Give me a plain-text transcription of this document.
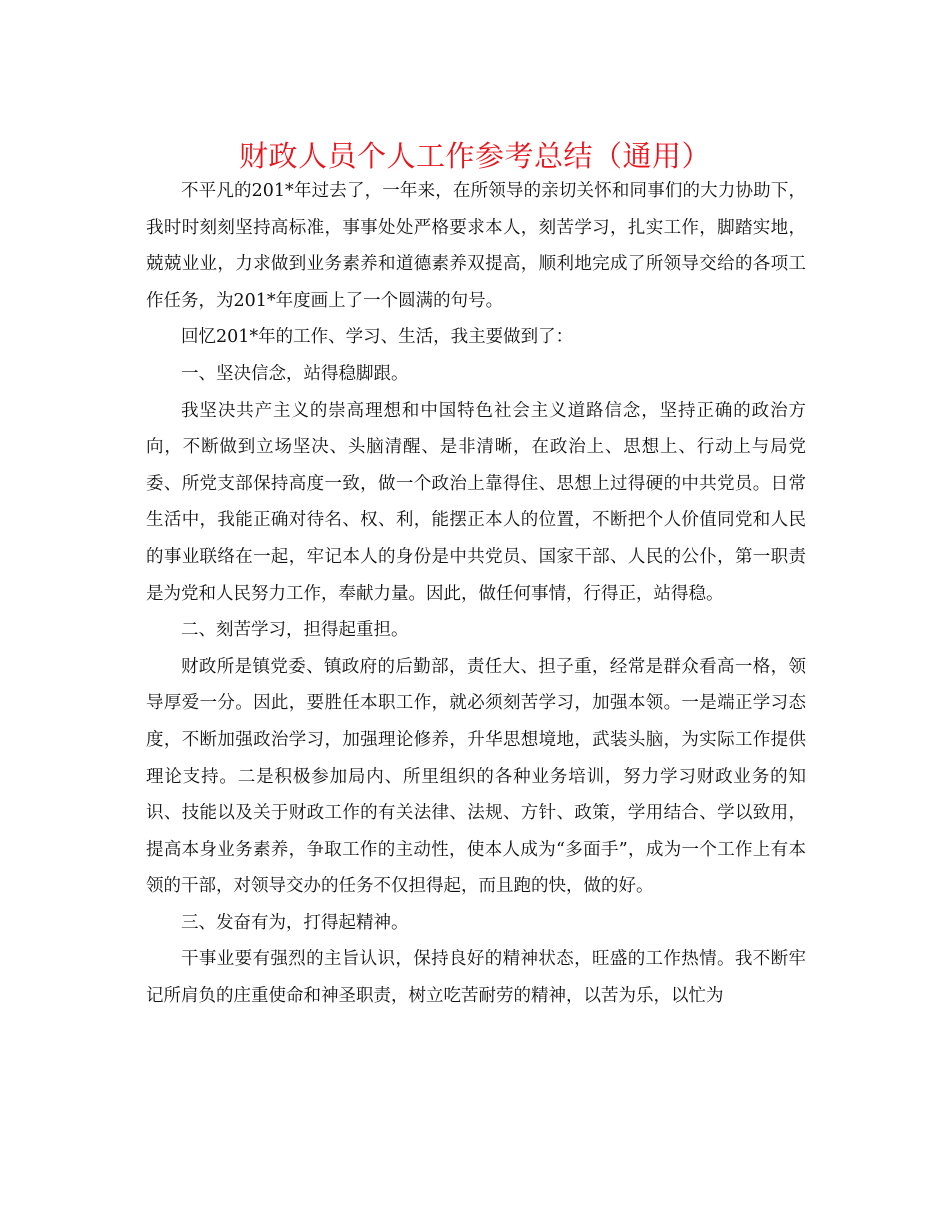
财政人员个人工作参考总结（通用）

不平凡的201*年过去了，一年来，在所领导的亲切关怀和同事们的大力协助下，我时时刻刻坚持高标准，事事处处严格要求本人，刻苦学习，扎实工作，脚踏实地，兢兢业业，力求做到业务素养和道德素养双提高，顺利地完成了所领导交给的各项工作任务，为201*年度画上了一个圆满的句号。

回忆201*年的工作、学习、生活，我主要做到了：

一、坚决信念，站得稳脚跟。

我坚决共产主义的崇高理想和中国特色社会主义道路信念，坚持正确的政治方向，不断做到立场坚决、头脑清醒、是非清晰，在政治上、思想上、行动上与局党委、所党支部保持高度一致，做一个政治上靠得住、思想上过得硬的中共党员。日常生活中，我能正确对待名、权、利，能摆正本人的位置，不断把个人价值同党和人民的事业联络在一起，牢记本人的身份是中共党员、国家干部、人民的公仆，第一职责是为党和人民努力工作，奉献力量。因此，做任何事情，行得正，站得稳。

二、刻苦学习，担得起重担。

财政所是镇党委、镇政府的后勤部，责任大、担子重，经常是群众看高一格，领导厚爱一分。因此，要胜任本职工作，就必须刻苦学习，加强本领。一是端正学习态度，不断加强政治学习，加强理论修养，升华思想境地，武装头脑，为实际工作提供理论支持。二是积极参加局内、所里组织的各种业务培训，努力学习财政业务的知识、技能以及关于财政工作的有关法律、法规、方针、政策，学用结合、学以致用，提高本身业务素养，争取工作的主动性，使本人成为“多面手”，成为一个工作上有本领的干部，对领导交办的任务不仅担得起，而且跑的快，做的好。

三、发奋有为，打得起精神。

干事业要有强烈的主旨认识，保持良好的精神状态，旺盛的工作热情。我不断牢记所肩负的庄重使命和神圣职责，树立吃苦耐劳的精神，以苦为乐，以忙为
